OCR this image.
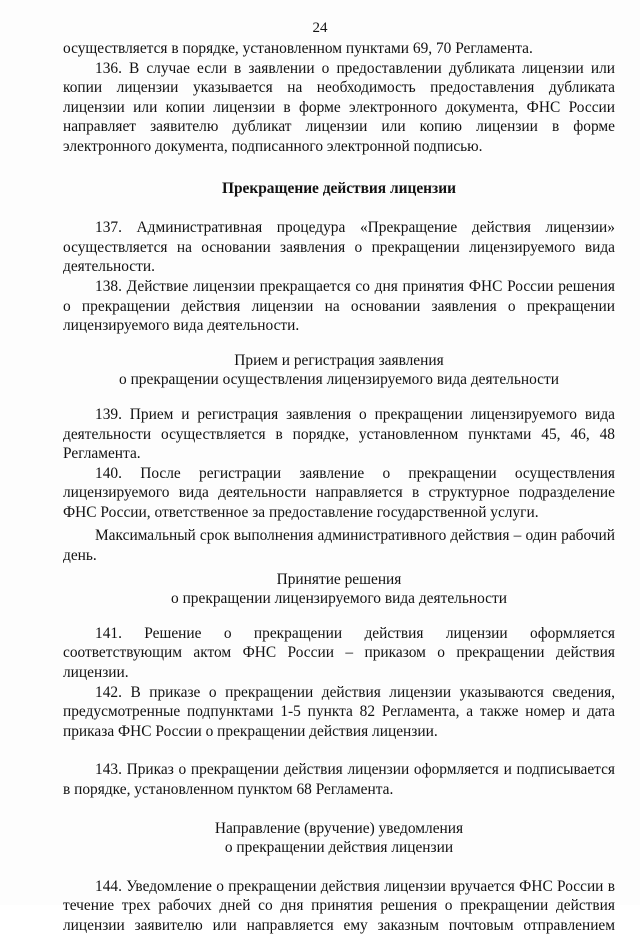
24

осуществляется в порядке, установленном пунктами 69, 70 Регламента.

136. В случае если в заявлении о предоставлении дубликата лицензии или копии лицензии указывается на необходимость предоставления дубликата лицензии или копии лицензии в форме электронного документа, ФНС России направляет заявителю дубликат лицензии или копию лицензии в форме электронного документа, подписанного электронной подписью.

Прекращение действия лицензии

137. Административная процедура «Прекращение действия лицензии» осуществляется на основании заявления о прекращении лицензируемого вида деятельности.

138. Действие лицензии прекращается со дня принятия ФНС России решения о прекращении действия лицензии на основании заявления о прекращении лицензируемого вида деятельности.

Прием и регистрация заявления

о прекращении осуществления лицензируемого вида деятельности

139. Прием и регистрация заявления о прекращении лицензируемого вида деятельности осуществляется в порядке, установленном пунктами 45, 46, 48 Регламента.

140. После регистрации заявление о прекращении осуществления лицензируемого вида деятельности направляется в структурное подразделение ФНС России, ответственное за предоставление государственной услуги.

Максимальный срок выполнения административного действия – один рабочий день.

Принятие решения

о прекращении лицензируемого вида деятельности

141. Решение о прекращении действия лицензии оформляется соответствующим актом ФНС России – приказом о прекращении действия лицензии.

142. В приказе о прекращении действия лицензии указываются сведения, предусмотренные подпунктами 1-5 пункта 82 Регламента, а также номер и дата приказа ФНС России о прекращении действия лицензии.

143. Приказ о прекращении действия лицензии оформляется и подписывается в порядке, установленном пунктом 68 Регламента.

Направление (вручение) уведомления

о прекращении действия лицензии

144. Уведомление о прекращении действия лицензии вручается ФНС России в течение трех рабочих дней со дня принятия решения о прекращении действия лицензии заявителю или направляется ему заказным почтовым отправлением
